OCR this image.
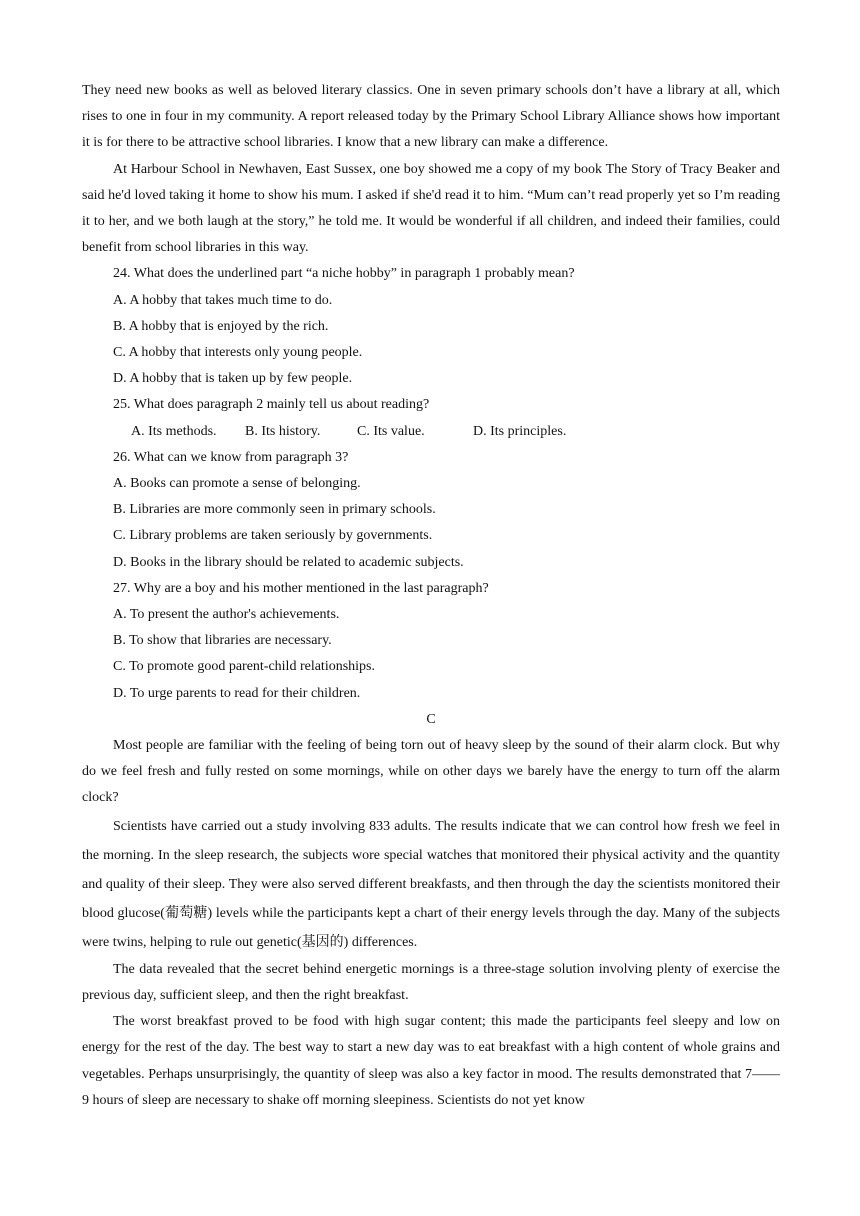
They need new books as well as beloved literary classics. One in seven primary schools don’t have a library at all, which rises to one in four in my community. A report released today by the Primary School Library Alliance shows how important it is for there to be attractive school libraries. I know that a new library can make a difference.

At Harbour School in Newhaven, East Sussex, one boy showed me a copy of my book The Story of Tracy Beaker and said he'd loved taking it home to show his mum. I asked if she'd read it to him. “Mum can’t read properly yet so I’m reading it to her, and we both laugh at the story,” he told me. It would be wonderful if all children, and indeed their families, could benefit from school libraries in this way.

24. What does the underlined part “a niche hobby” in paragraph 1 probably mean?

A. A hobby that takes much time to do.

B. A hobby that is enjoyed by the rich.

C. A hobby that interests only young people.

D. A hobby that is taken up by few people.

25. What does paragraph 2 mainly tell us about reading?

A. Its methods. B. Its history.	C. Its value.	D. Its principles.

26. What can we know from paragraph 3?

A. Books can promote a sense of belonging.

B. Libraries are more commonly seen in primary schools.

C. Library problems are taken seriously by governments.

D. Books in the library should be related to academic subjects.

27. Why are a boy and his mother mentioned in the last paragraph?

A. To present the author's achievements.

B. To show that libraries are necessary.

C. To promote good parent-child relationships.

D. To urge parents to read for their children.

C

Most people are familiar with the feeling of being torn out of heavy sleep by the sound of their alarm clock. But why do we feel fresh and fully rested on some mornings, while on other days we barely have the energy to turn off the alarm clock?

Scientists have carried out a study involving 833 adults. The results indicate that we can control how fresh we feel in the morning. In the sleep research, the subjects wore special watches that monitored their physical activity and the quantity and quality of their sleep. They were also served different breakfasts, and then through the day the scientists monitored their blood glucose(葡萄糖) levels while the participants kept a chart of their energy levels through the day. Many of the subjects were twins, helping to rule out genetic(基因的) differences.

The data revealed that the secret behind energetic mornings is a three-stage solution involving plenty of exercise the previous day, sufficient sleep, and then the right breakfast.

The worst breakfast proved to be food with high sugar content; this made the participants feel sleepy and low on energy for the rest of the day. The best way to start a new day was to eat breakfast with a high content of whole grains and vegetables. Perhaps unsurprisingly, the quantity of sleep was also a key factor in mood. The results demonstrated that 7——9 hours of sleep are necessary to shake off morning sleepiness. Scientists do not yet know
